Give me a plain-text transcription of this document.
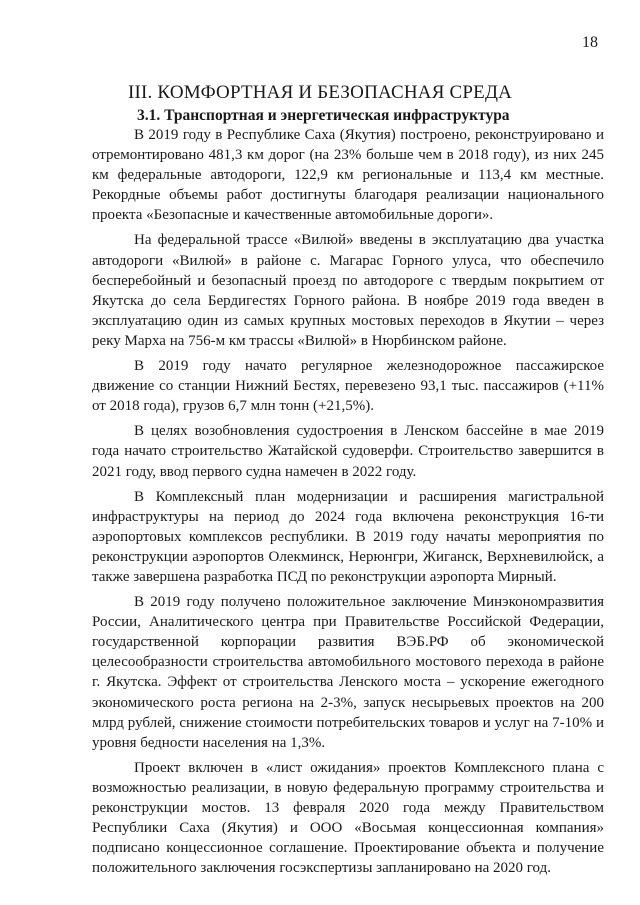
18
III. КОМФОРТНАЯ И БЕЗОПАСНАЯ СРЕДА
3.1. Транспортная и энергетическая инфраструктура

В 2019 году в Республике Саха (Якутия) построено, реконструировано и отремонтировано 481,3 км дорог (на 23% больше чем в 2018 году), из них 245 км федеральные автодороги, 122,9 км региональные и 113,4 км местные. Рекордные объемы работ достигнуты благодаря реализации национального проекта «Безопасные и качественные автомобильные дороги».

На федеральной трассе «Вилюй» введены в эксплуатацию два участка автодороги «Вилюй» в районе с. Магарас Горного улуса, что обеспечило бесперебойный и безопасный проезд по автодороге с твердым покрытием от Якутска до села Бердигестях Горного района. В ноябре 2019 года введен в эксплуатацию один из самых крупных мостовых переходов в Якутии – через реку Марха на 756-м км трассы «Вилюй» в Нюрбинском районе.

В 2019 году начато регулярное железнодорожное пассажирское движение со станции Нижний Бестях, перевезено 93,1 тыс. пассажиров (+11% от 2018 года), грузов 6,7 млн тонн (+21,5%).

В целях возобновления судостроения в Ленском бассейне в мае 2019 года начато строительство Жатайской судоверфи. Строительство завершится в 2021 году, ввод первого судна намечен в 2022 году.

В Комплексный план модернизации и расширения магистральной инфраструктуры на период до 2024 года включена реконструкция 16-ти аэропортовых комплексов республики. В 2019 году начаты мероприятия по реконструкции аэропортов Олекминск, Нерюнгри, Жиганск, Верхневилюйск, а также завершена разработка ПСД по реконструкции аэропорта Мирный.

В 2019 году получено положительное заключение Минэкономразвития России, Аналитического центра при Правительстве Российской Федерации, государственной корпорации развития ВЭБ.РФ об экономической целесообразности строительства автомобильного мостового перехода в районе г. Якутска. Эффект от строительства Ленского моста – ускорение ежегодного экономического роста региона на 2-3%, запуск несырьевых проектов на 200 млрд рублей, снижение стоимости потребительских товаров и услуг на 7-10% и уровня бедности населения на 1,3%.

Проект включен в «лист ожидания» проектов Комплексного плана с возможностью реализации, в новую федеральную программу строительства и реконструкции мостов. 13 февраля 2020 года между Правительством Республики Саха (Якутия) и ООО «Восьмая концессионная компания» подписано концессионное соглашение. Проектирование объекта и получение положительного заключения госэкспертизы запланировано на 2020 год.
